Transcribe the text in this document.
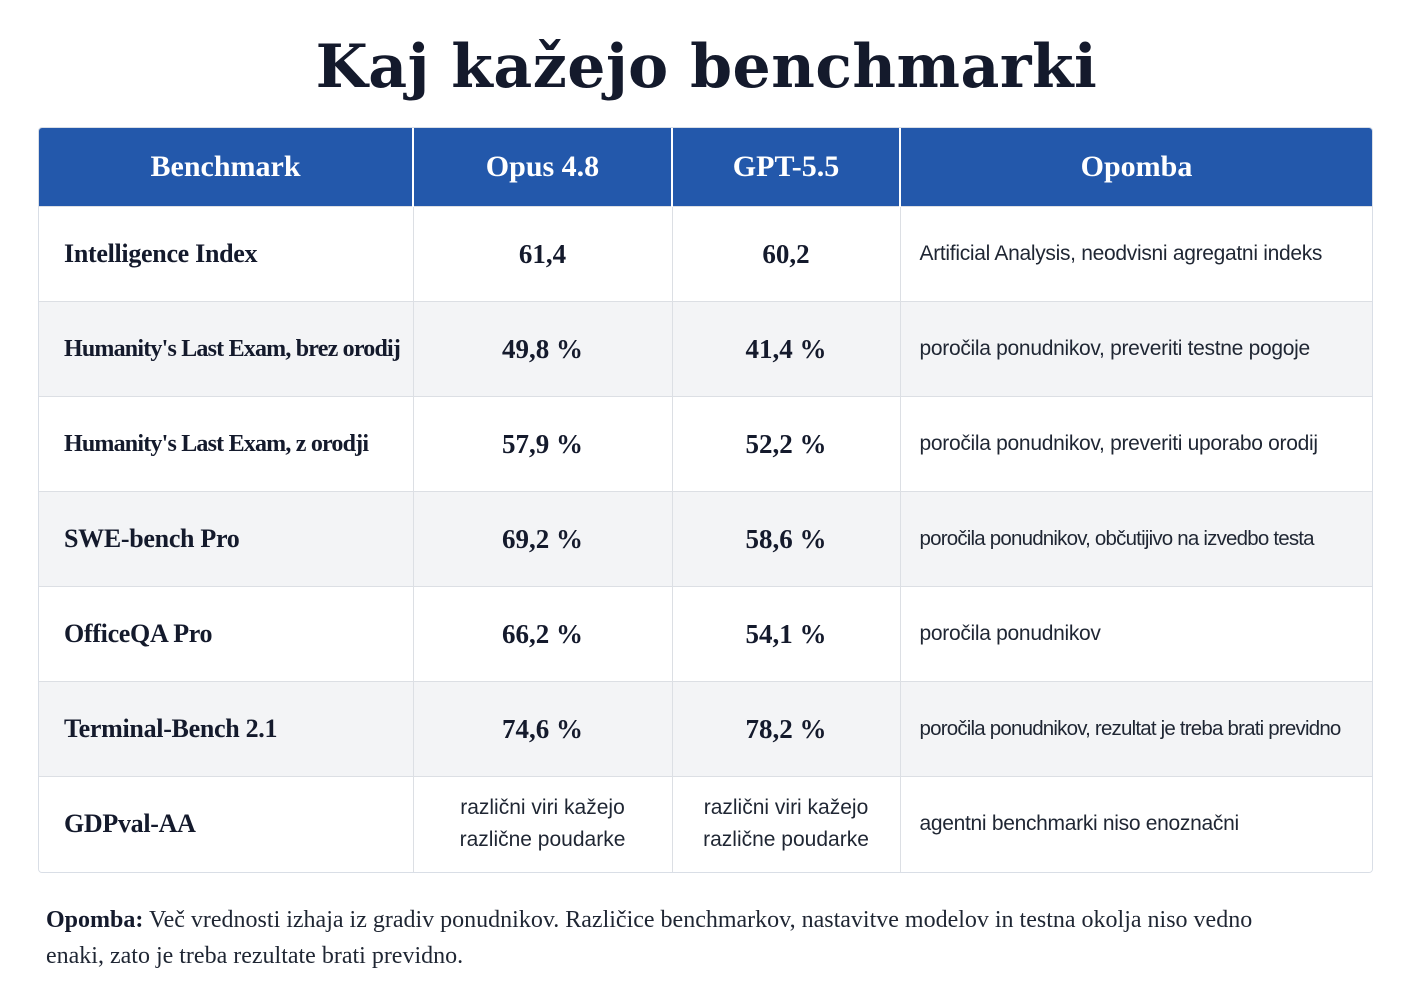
Kaj kažejo benchmarki
Benchmark	Opus 4.8	GPT-5.5	Opomba
Intelligence Index	61,4	60,2	Artificial Analysis, neodvisni agregatni indeks
Humanity's Last Exam, brez orodij	49,8 %	41,4 %	poročila ponudnikov, preveriti testne pogoje
Humanity's Last Exam, z orodji	57,9 %	52,2 %	poročila ponudnikov, preveriti uporabo orodij
SWE-bench Pro	69,2 %	58,6 %	poročila ponudnikov, občutijivo na izvedbo testa
OfficeQA Pro	66,2 %	54,1 %	poročila ponudnikov
Terminal-Bench 2.1	74,6 %	78,2 %	poročila ponudnikov, rezultat je treba brati previdno
GDPval-AA	različni viri kažejo različne poudarke	različni viri kažejo različne poudarke	agentni benchmarki niso enoznačni
Opomba: Več vrednosti izhaja iz gradiv ponudnikov. Različice benchmarkov, nastavitve modelov in testna okolja niso vedno enaki, zato je treba rezultate brati previdno.
